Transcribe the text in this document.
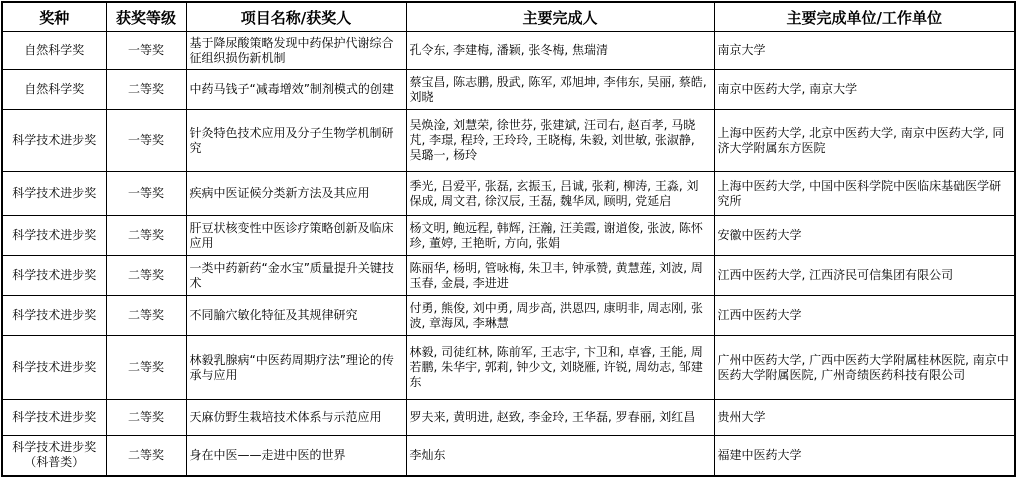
奖种	获奖等级	项目名称/获奖人	主要完成人	主要完成单位/工作单位
自然科学奖	一等奖	基于降尿酸策略发现中药保护代谢综合征组织损伤新机制	孔令东, 李建梅, 潘颖, 张冬梅, 焦瑞清	南京大学
自然科学奖	二等奖	中药马钱子“减毒增效”制剂模式的创建	蔡宝昌, 陈志鹏, 殷武, 陈军, 邓旭坤, 李伟东, 吴丽, 蔡皓, 刘晓	南京中医药大学, 南京大学
科学技术进步奖	一等奖	针灸特色技术应用及分子生物学机制研究	吴焕淦, 刘慧荣, 徐世芬, 张建斌, 汪司右, 赵百孝, 马晓芃, 李璟, 程玲, 王玲玲, 王晓梅, 朱毅, 刘世敏, 张淑静, 吴璐一, 杨玲	上海中医药大学, 北京中医药大学, 南京中医药大学, 同济大学附属东方医院
科学技术进步奖	一等奖	疾病中医证候分类新方法及其应用	季光, 吕爱平, 张磊, 玄振玉, 吕诚, 张莉, 柳涛, 王淼, 刘保成, 周文君, 徐汉辰, 王磊, 魏华凤, 顾明, 党延启	上海中医药大学, 中国中医科学院中医临床基础医学研究所
科学技术进步奖	二等奖	肝豆状核变性中医诊疗策略创新及临床应用	杨文明, 鲍远程, 韩辉, 汪瀚, 汪美霞, 谢道俊, 张波, 陈怀珍, 董婷, 王艳昕, 方向, 张娟	安徽中医药大学
科学技术进步奖	二等奖	一类中药新药“金水宝”质量提升关键技术	陈丽华, 杨明, 管咏梅, 朱卫丰, 钟承赞, 黄慧莲, 刘波, 周玉春, 金晨, 李进进	江西中医药大学, 江西济民可信集团有限公司
科学技术进步奖	二等奖	不同腧穴敏化特征及其规律研究	付勇, 熊俊, 刘中勇, 周步高, 洪恩四, 康明非, 周志刚, 张波, 章海凤, 李琳慧	江西中医药大学
科学技术进步奖	二等奖	林毅乳腺病“中医药周期疗法”理论的传承与应用	林毅, 司徒红林, 陈前军, 王志宇, 卞卫和, 卓睿, 王能, 周若鹏, 朱华宇, 郭莉, 钟少文, 刘晓雁, 许锐, 周幼志, 邹建东	广州中医药大学, 广西中医药大学附属桂林医院, 南京中医药大学附属医院, 广州奇绩医药科技有限公司
科学技术进步奖	二等奖	天麻仿野生栽培技术体系与示范应用	罗夫来, 黄明进, 赵致, 李金玲, 王华磊, 罗春丽, 刘红昌	贵州大学
科学技术进步奖（科普类）	二等奖	身在中医——走进中医的世界	李灿东	福建中医药大学
